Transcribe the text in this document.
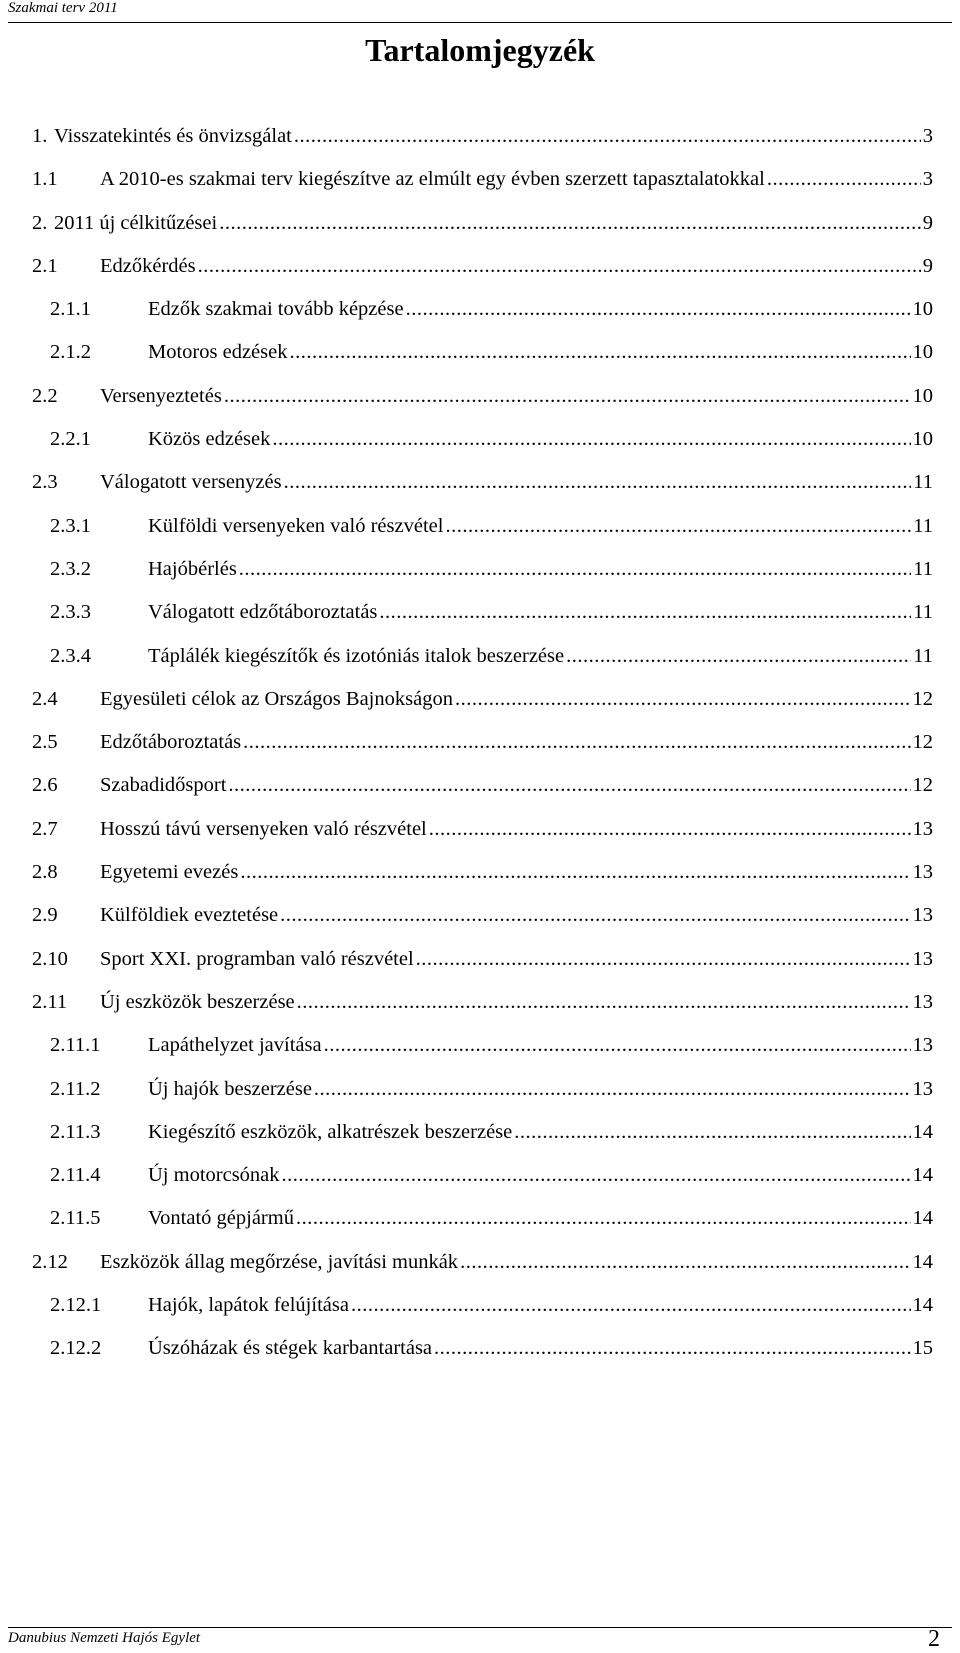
Szakmai terv 2011
Tartalomjegyzék
1. Visszatekintés és önvizsgálat .....	3
1.1 A 2010-es szakmai terv kiegészítve az elmúlt egy évben szerzett tapasztalatokkal .....	3
2. 2011 új célkitűzései .....	9
2.1 Edzőkérdés .....	9
2.1.1	Edzők szakmai tovább képzése .....	10
2.1.2	Motoros edzések .....	10
2.2 Versenyeztetés .....	10
2.2.1	Közös edzések .....	10
2.3 Válogatott versenyzés .....	11
2.3.1	Külföldi versenyeken való részvétel .....	11
2.3.2	Hajóbérlés .....	11
2.3.3	Válogatott edzőtáboroztatás .....	11
2.3.4	Táplálék kiegészítők és izotóniás italok beszerzése .....	11
2.4 Egyesületi célok az Országos Bajnokságon .....	12
2.5 Edzőtáboroztatás .....	12
2.6 Szabadidősport .....	12
2.7 Hosszú távú versenyeken való részvétel .....	13
2.8 Egyetemi evezés .....	13
2.9 Külföldiek eveztetése .....	13
2.10 Sport XXI. programban való részvétel .....	13
2.11 Új eszközök beszerzése .....	13
2.11.1 Lapáthelyzet javítása .....	13
2.11.2 Új hajók beszerzése .....	13
2.11.3 Kiegészítő eszközök, alkatrészek beszerzése .....	14
2.11.4 Új motorcsónak .....	14
2.11.5 Vontató gépjármű .....	14
2.12 Eszközök állag megőrzése, javítási munkák .....	14
2.12.1 Hajók, lapátok felújítása .....	14
2.12.2 Úszóházak és stégek karbantartása .....	15
Danubius Nemzeti Hajós Egylet	2
